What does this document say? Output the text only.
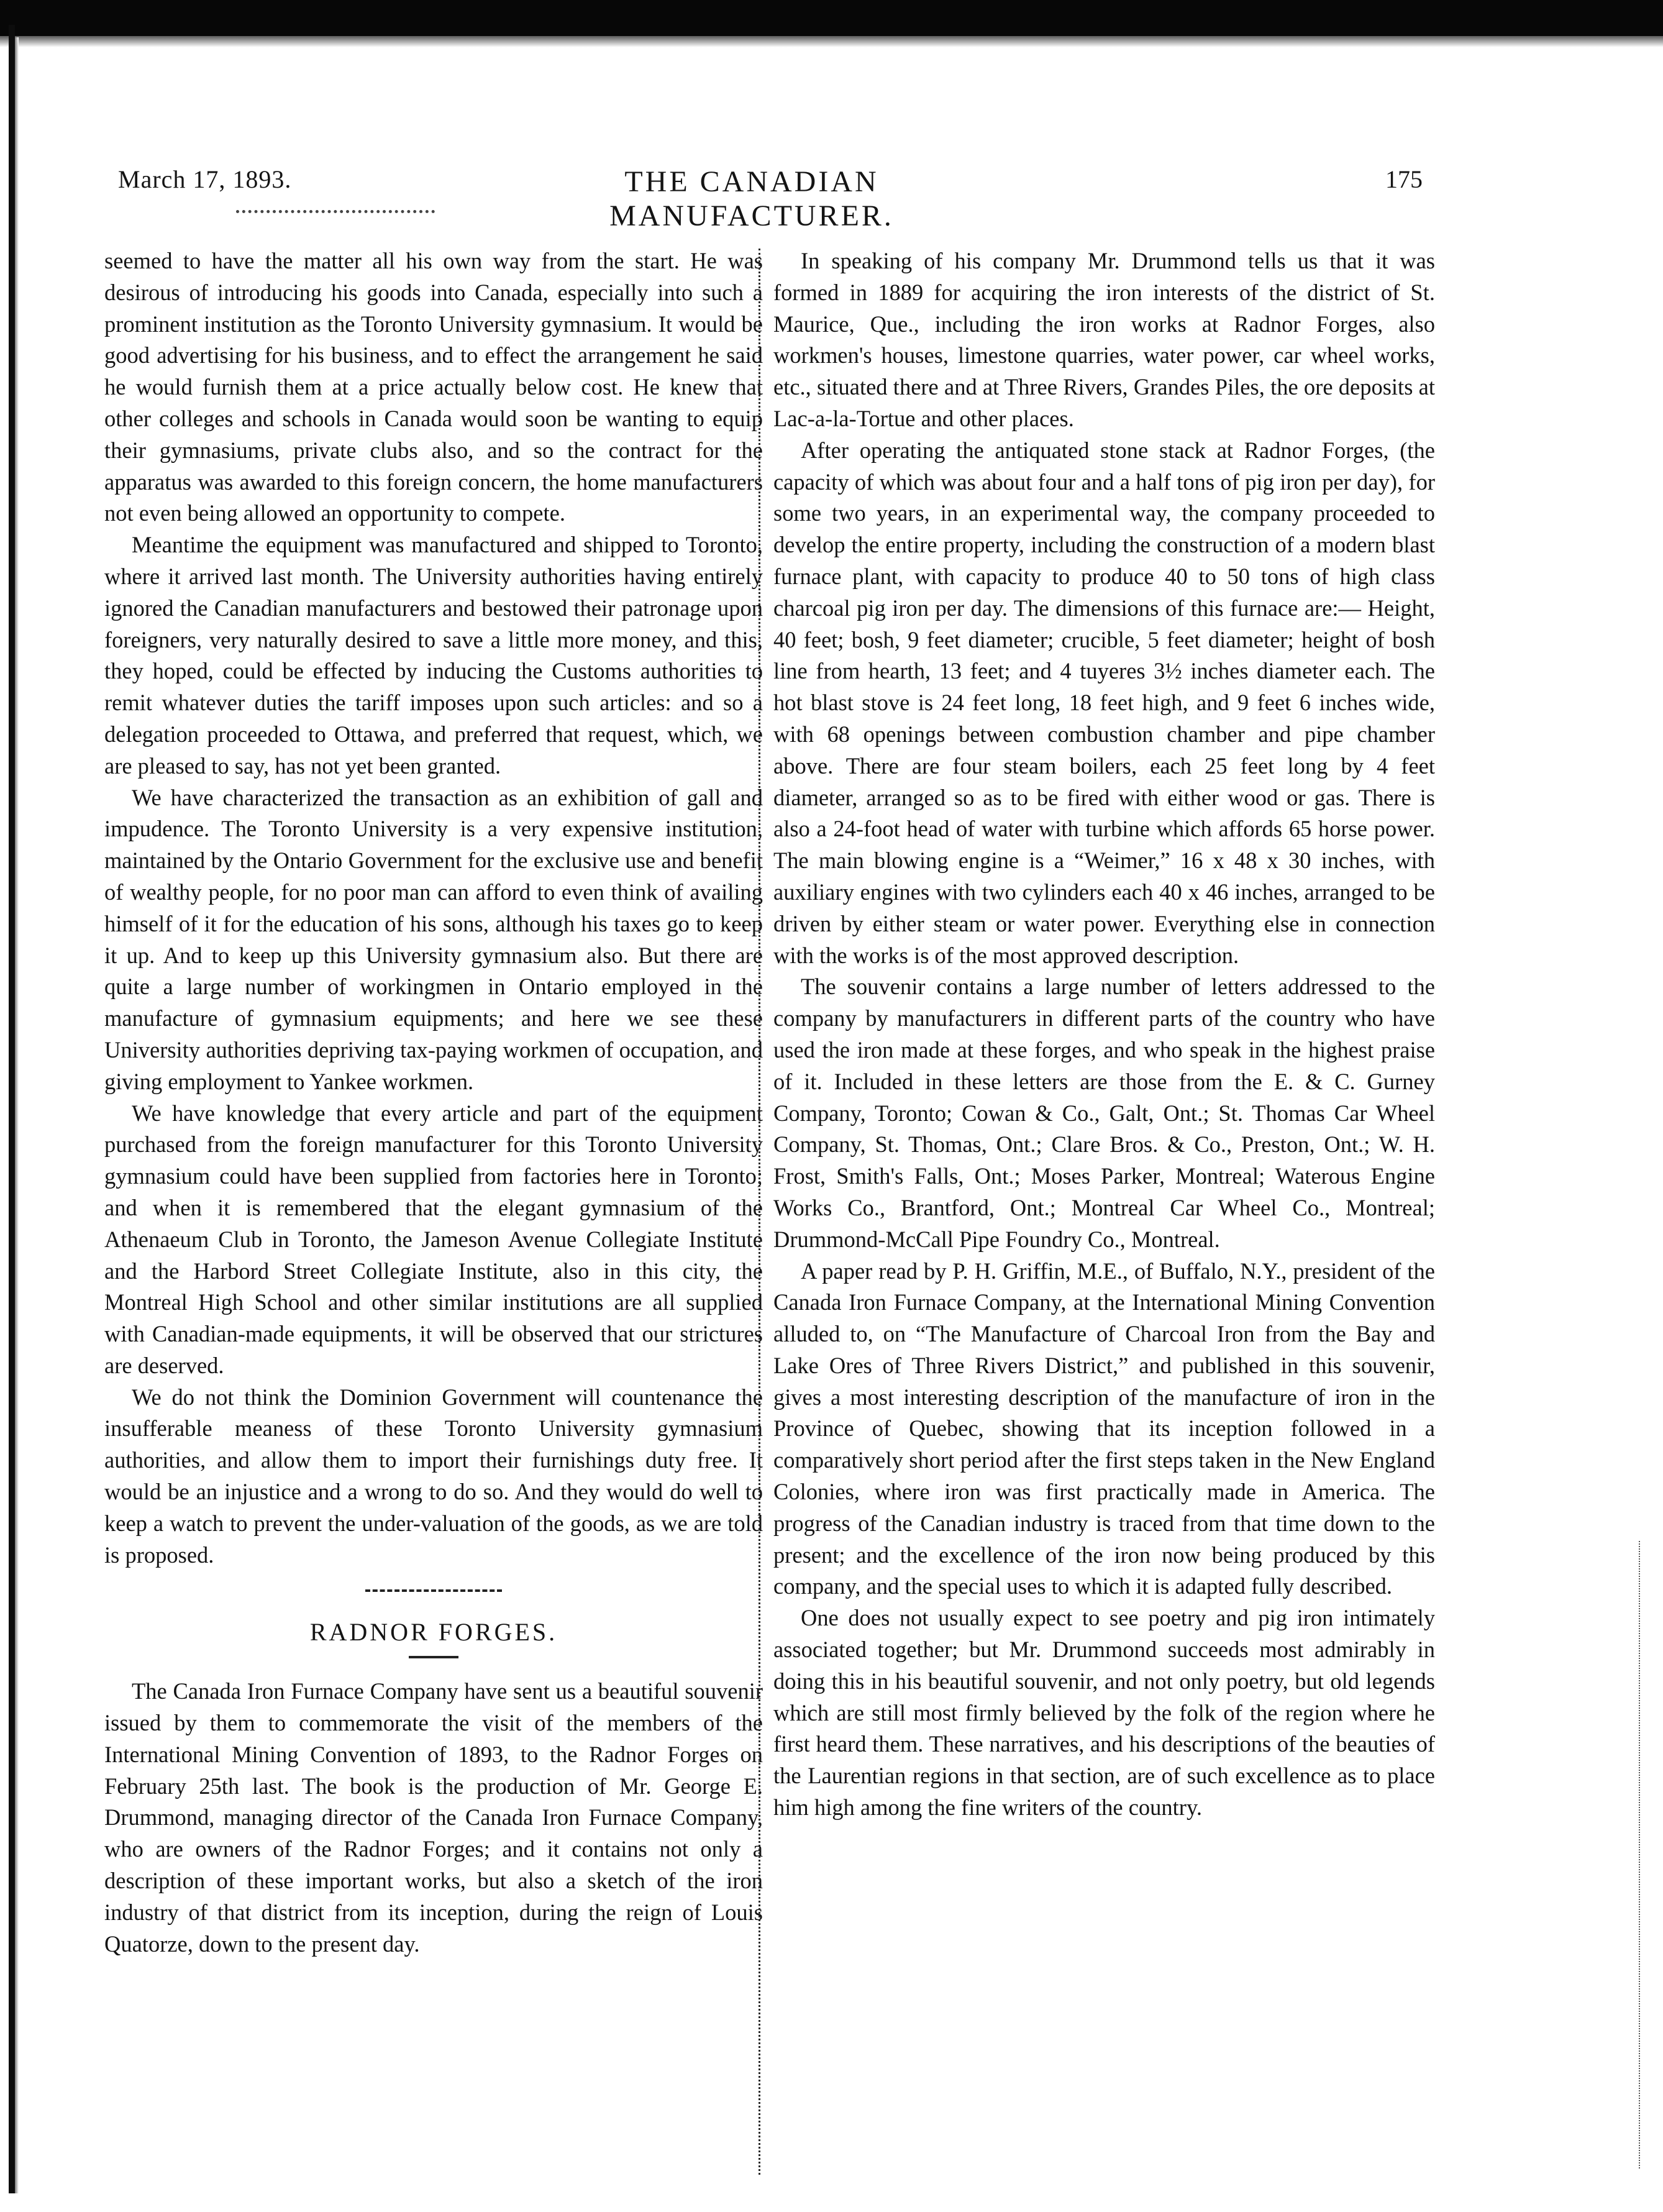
March 17, 1893.	THE CANADIAN MANUFACTURER.
175

seemed to have the matter all his own way from the start. He was desirous of introducing his goods into Canada, especially into such a prominent institution as the Toronto University gymnasium. It would be good advertising for his business, and to effect the arrangement he said he would furnish them at a price actually below cost. He knew that other colleges and schools in Canada would soon be wanting to equip their gymnasiums, private clubs also, and so the contract for the apparatus was awarded to this foreign concern, the home manufacturers not even being allowed an opportunity to compete.

Meantime the equipment was manufactured and shipped to Toronto, where it arrived last month. The University authorities having entirely ignored the Canadian manufacturers and bestowed their patronage upon foreigners, very naturally desired to save a little more money, and this, they hoped, could be effected by inducing the Customs authorities to remit whatever duties the tariff imposes upon such articles: and so a delegation proceeded to Ottawa, and preferred that request, which, we are pleased to say, has not yet been granted.

We have characterized the transaction as an exhibition of gall and impudence. The Toronto University is a very expensive institution, maintained by the Ontario Government for the exclusive use and benefit of wealthy people, for no poor man can afford to even think of availing himself of it for the education of his sons, although his taxes go to keep it up. And to keep up this University gymnasium also. But there are quite a large number of workingmen in Ontario employed in the manufacture of gymnasium equipments; and here we see these University authorities depriving tax-paying workmen of occupation, and giving employment to Yankee workmen.

We have knowledge that every article and part of the equipment purchased from the foreign manufacturer for this Toronto University gymnasium could have been supplied from factories here in Toronto; and when it is remembered that the elegant gymnasium of the Athenaeum Club in Toronto, the Jameson Avenue Collegiate Institute and the Harbord Street Collegiate Institute, also in this city, the Montreal High School and other similar institutions are all supplied with Canadian-made equipments, it will be observed that our strictures are deserved.

We do not think the Dominion Government will countenance the insufferable meaness of these Toronto University gymnasium authorities, and allow them to import their furnishings duty free. It would be an injustice and a wrong to do so. And they would do well to keep a watch to prevent the under-valuation of the goods, as we are told is proposed.

RADNOR FORGES.

The Canada Iron Furnace Company have sent us a beautiful souvenir issued by them to commemorate the visit of the members of the International Mining Convention of 1893, to the Radnor Forges on February 25th last. The book is the production of Mr. George E. Drummond, managing director of the Canada Iron Furnace Company, who are owners of the Radnor Forges; and it contains not only a description of these important works, but also a sketch of the iron industry of that district from its inception, during the reign of Louis Quatorze, down to the present day.

In speaking of his company Mr. Drummond tells us that it was formed in 1889 for acquiring the iron interests of the district of St. Maurice, Que., including the iron works at Radnor Forges, also workmen's houses, limestone quarries, water power, car wheel works, etc., situated there and at Three Rivers, Grandes Piles, the ore deposits at Lac-a-la-Tortue and other places.

After operating the antiquated stone stack at Radnor Forges, (the capacity of which was about four and a half tons of pig iron per day), for some two years, in an experimental way, the company proceeded to develop the entire property, including the construction of a modern blast furnace plant, with capacity to produce 40 to 50 tons of high class charcoal pig iron per day. The dimensions of this furnace are:— Height, 40 feet; bosh, 9 feet diameter; crucible, 5 feet diameter; height of bosh line from hearth, 13 feet; and 4 tuyeres 3½ inches diameter each. The hot blast stove is 24 feet long, 18 feet high, and 9 feet 6 inches wide, with 68 openings between combustion chamber and pipe chamber above. There are four steam boilers, each 25 feet long by 4 feet diameter, arranged so as to be fired with either wood or gas. There is also a 24-foot head of water with turbine which affords 65 horse power. The main blowing engine is a “Weimer,” 16 x 48 x 30 inches, with auxiliary engines with two cylinders each 40 x 46 inches, arranged to be driven by either steam or water power. Everything else in connection with the works is of the most approved description.

The souvenir contains a large number of letters addressed to the company by manufacturers in different parts of the country who have used the iron made at these forges, and who speak in the highest praise of it. Included in these letters are those from the E. & C. Gurney Company, Toronto; Cowan & Co., Galt, Ont.; St. Thomas Car Wheel Company, St. Thomas, Ont.; Clare Bros. & Co., Preston, Ont.; W. H. Frost, Smith's Falls, Ont.; Moses Parker, Montreal; Waterous Engine Works Co., Brantford, Ont.; Montreal Car Wheel Co., Montreal; Drummond-McCall Pipe Foundry Co., Montreal.

A paper read by P. H. Griffin, M.E., of Buffalo, N.Y., president of the Canada Iron Furnace Company, at the International Mining Convention alluded to, on “The Manufacture of Charcoal Iron from the Bay and Lake Ores of Three Rivers District,” and published in this souvenir, gives a most interesting description of the manufacture of iron in the Province of Quebec, showing that its inception followed in a comparatively short period after the first steps taken in the New England Colonies, where iron was first practically made in America. The progress of the Canadian industry is traced from that time down to the present; and the excellence of the iron now being produced by this company, and the special uses to which it is adapted fully described.

One does not usually expect to see poetry and pig iron intimately associated together; but Mr. Drummond succeeds most admirably in doing this in his beautiful souvenir, and not only poetry, but old legends which are still most firmly believed by the folk of the region where he first heard them. These narratives, and his descriptions of the beauties of the Laurentian regions in that section, are of such excellence as to place him high among the fine writers of the country.
